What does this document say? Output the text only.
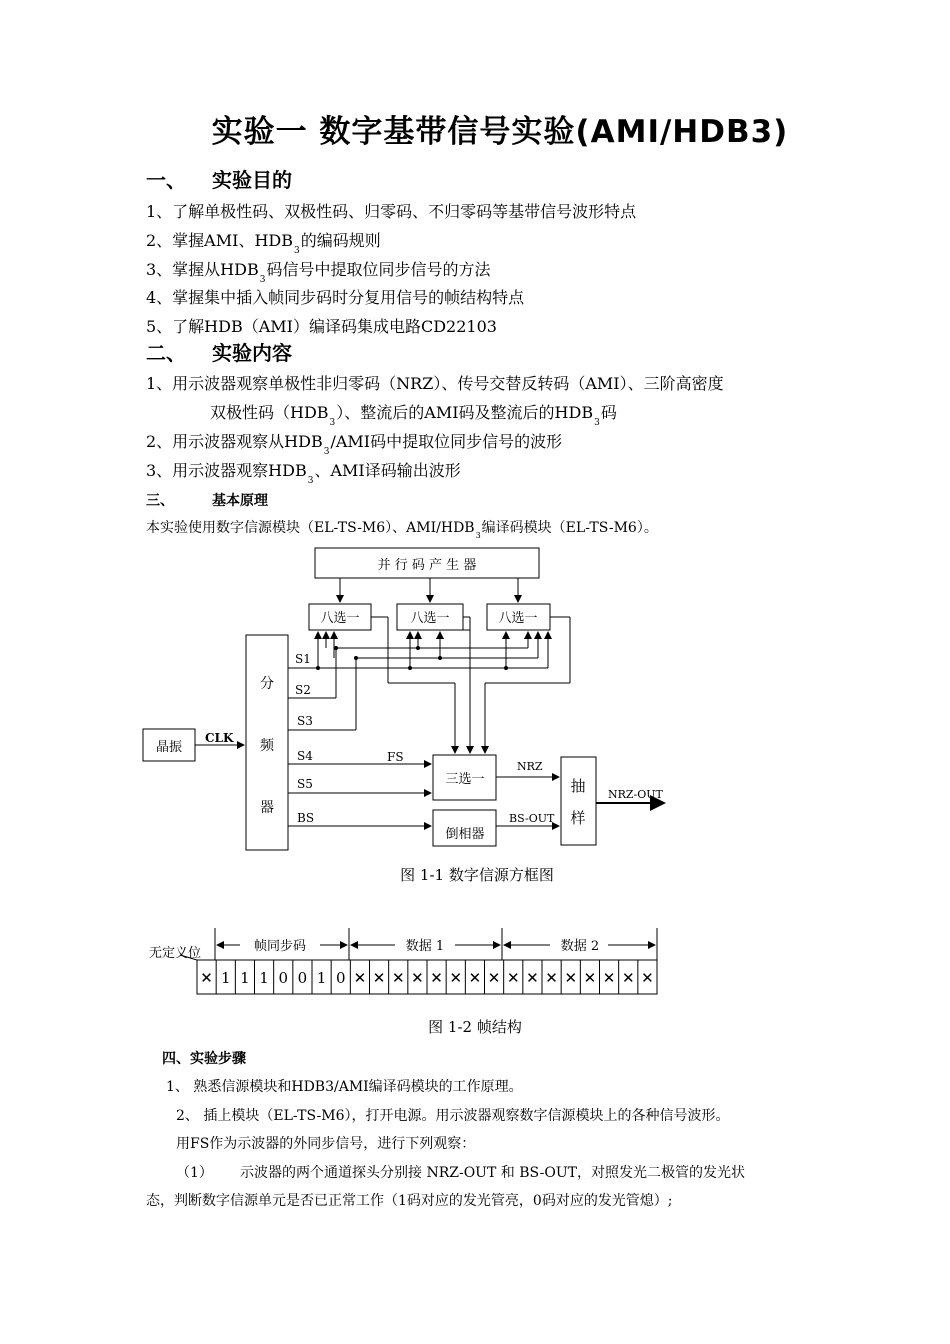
实验一 数字基带信号实验(AMI/HDB3)
一、 实验目的
1、了解单极性码、双极性码、归零码、不归零码等基带信号波形特点
2、掌握AMI、$HDB_3$的编码规则
3、掌握从$HDB_3$码信号中提取位同步信号的方法
4、掌握集中插入帧同步码时分复用信号的帧结构特点
5、了解HDB（AMI）编译码集成电路CD22103
二、 实验内容
1、用示波器观察单极性非归零码（NRZ）、传号交替反转码（AMI）、三阶高密度
双极性码$(HDB_3)$、整流后的AMI码及整流后的$HDB_3$码
2、用示波器观察从$HDB_3$/AMI码中提取位同步信号的波形
3、用示波器观察$HDB_3$、AMI译码输出波形
三、	基本原理
本实验使用数字信源模块（EL-TS-M6）、AMI/$HDB_3$编译码模块（EL-TS-M6）。
并 行 码 产 生 器
八选一	八选一	八选一
分
频
器
晶振
CLK
S1
S2
S3
S4
S5
BS
FS
三选一
倒相器
NRZ
BS-OUT
抽
样
NRZ-OUT
图 1-1 数字信源方框图
✕ 1 1 1 0 0 1 0 ✕ ✕ ✕ ✕ ✕ ✕ ✕ ✕ ✕ ✕ ✕ ✕ ✕ ✕ ✕ ✕
无定义位	帧同步码	数据 1	数据 2
图 1-2 帧结构
四、实验步骤
1、 熟悉信源模块和HDB3/AMI编译码模块的工作原理。
2、 插上模块（EL-TS-M6），打开电源。用示波器观察数字信源模块上的各种信号波形。
用FS作为示波器的外同步信号，进行下列观察：
（1） 示波器的两个通道探头分别接 NRZ-OUT 和 BS-OUT，对照发光二极管的发光状
态，判断数字信源单元是否已正常工作（1码对应的发光管亮，0码对应的发光管熄）;
